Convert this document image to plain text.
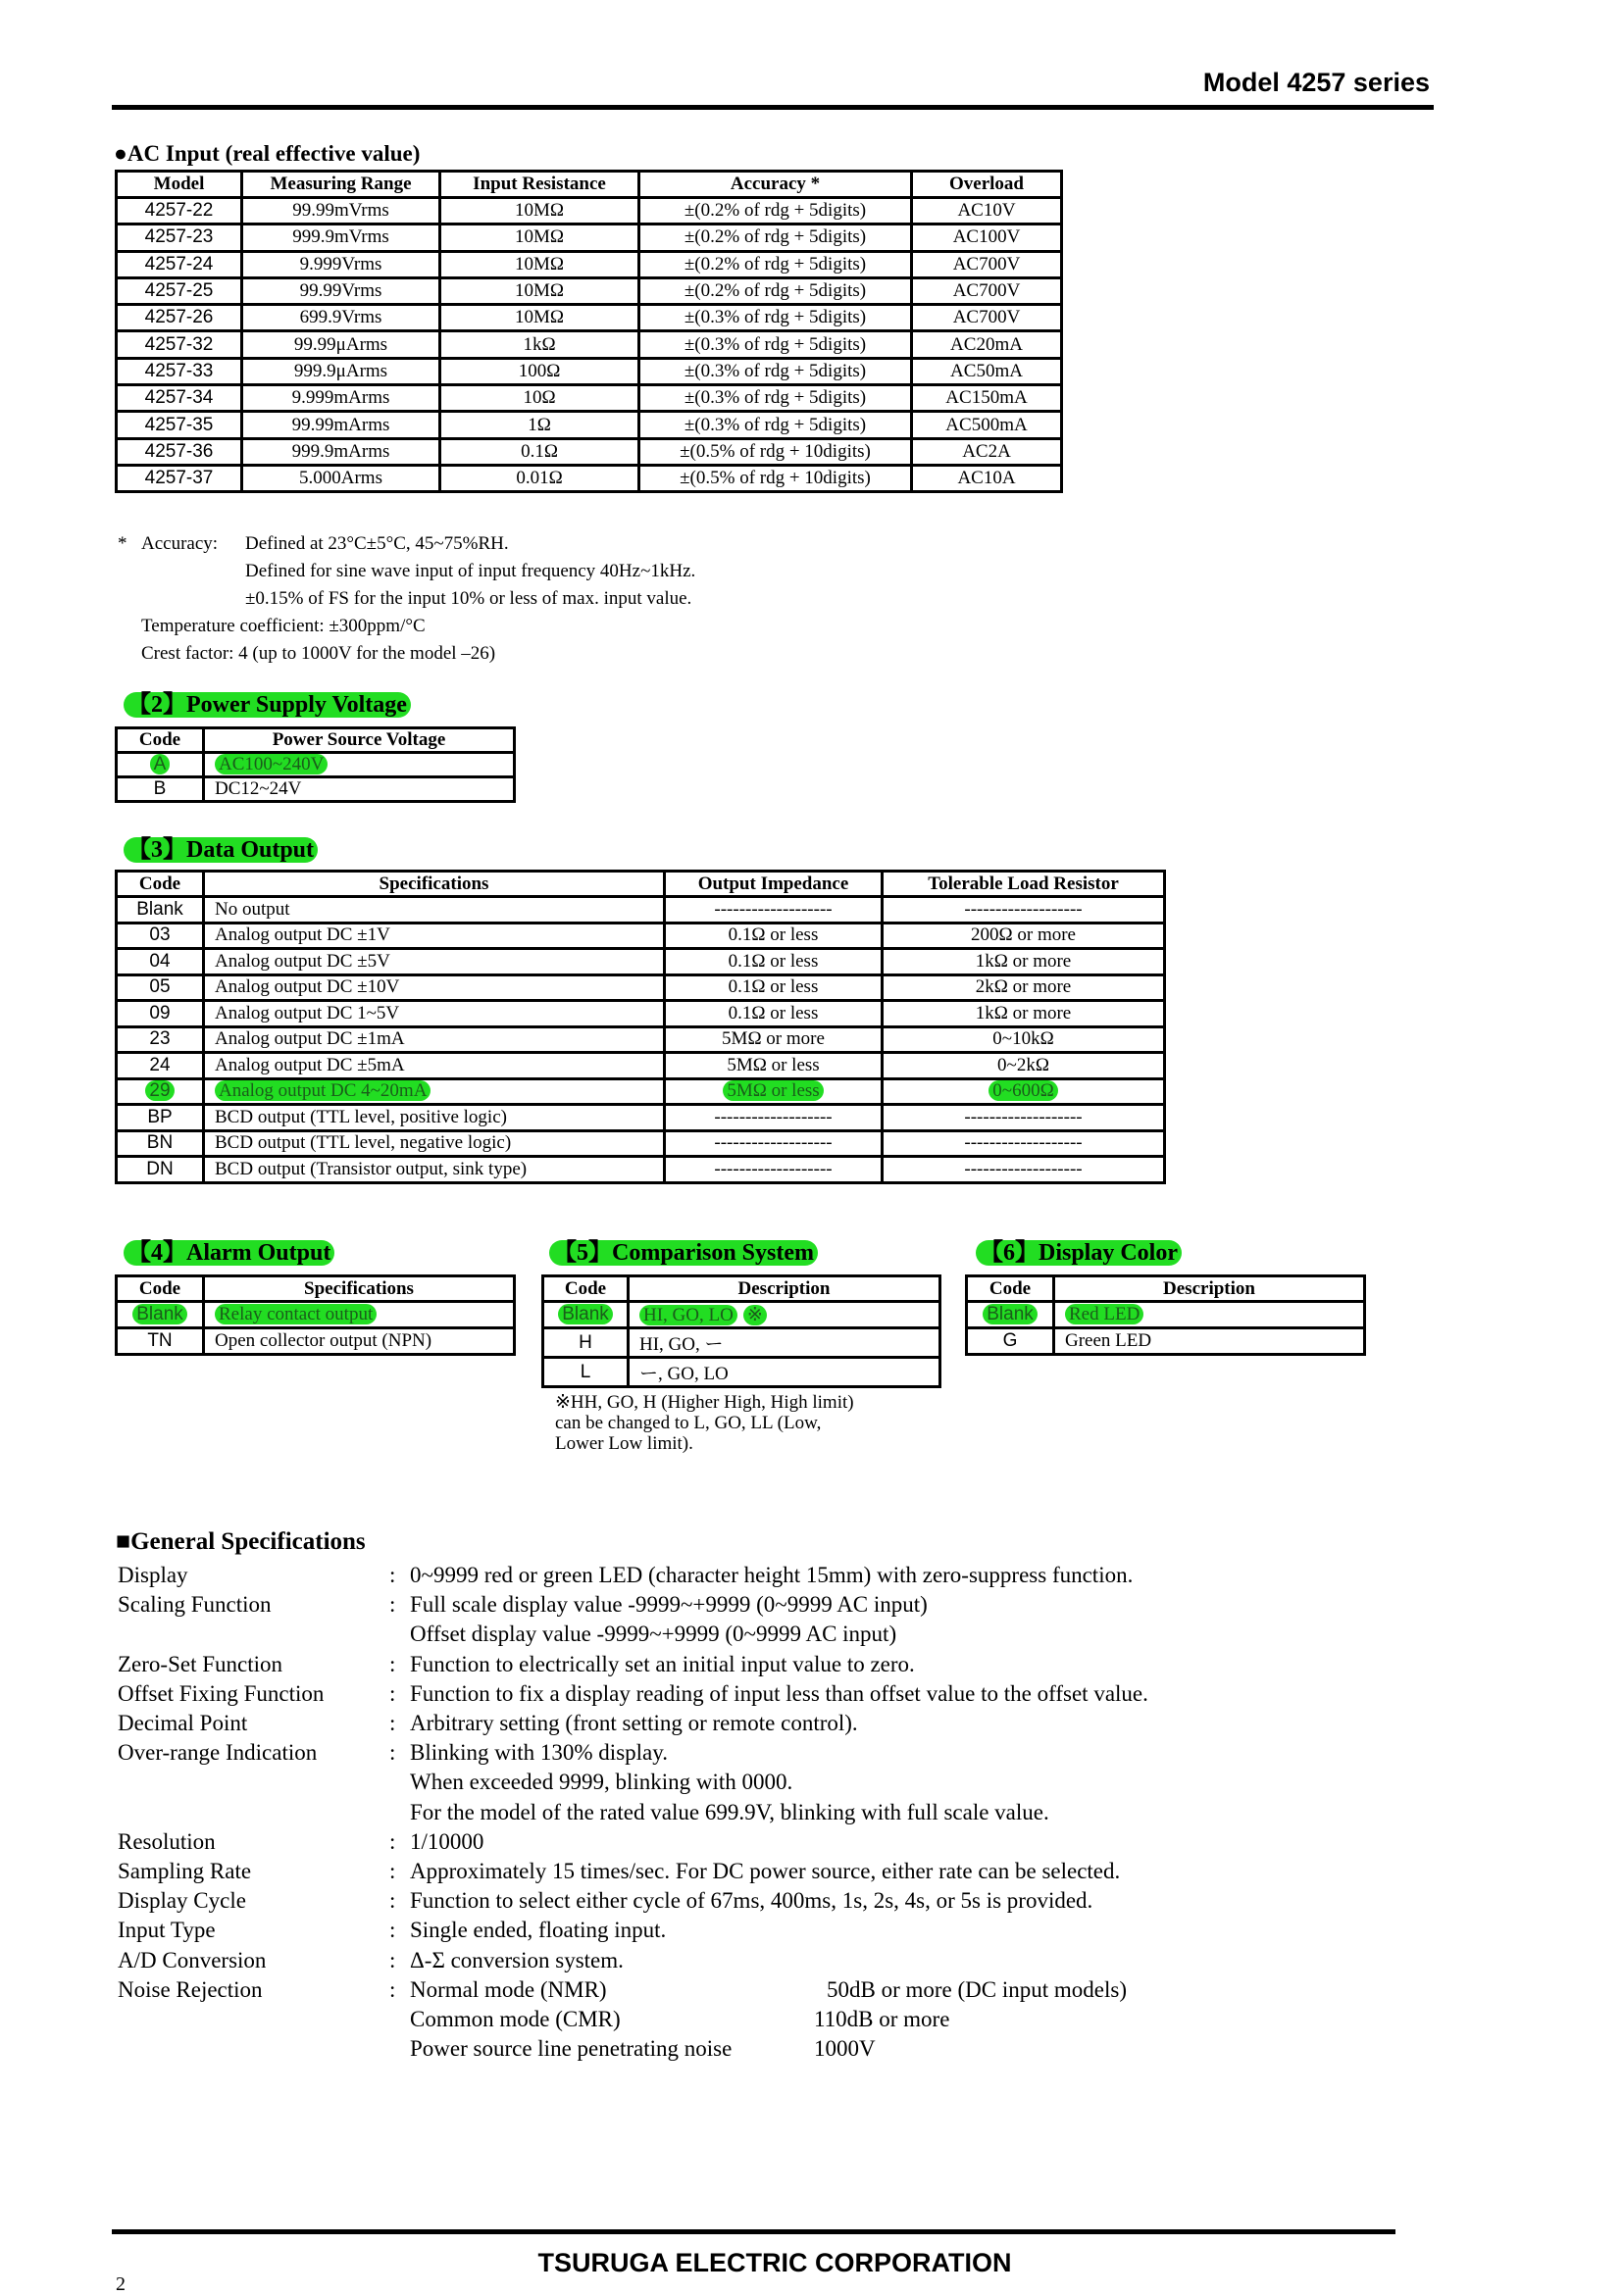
Model 4257 series
●AC Input (real effective value)
Model	Measuring Range	Input Resistance	Accuracy *	Overload
4257-22	99.99mVrms	10MΩ	±(0.2% of rdg + 5digits)	AC10V
4257-23	999.9mVrms	10MΩ	±(0.2% of rdg + 5digits)	AC100V
4257-24	9.999Vrms	10MΩ	±(0.2% of rdg + 5digits)	AC700V
4257-25	99.99Vrms	10MΩ	±(0.2% of rdg + 5digits)	AC700V
4257-26	699.9Vrms	10MΩ	±(0.3% of rdg + 5digits)	AC700V
4257-32	99.99μArms	1kΩ	±(0.3% of rdg + 5digits)	AC20mA
4257-33	999.9μArms	100Ω	±(0.3% of rdg + 5digits)	AC50mA
4257-34	9.999mArms	10Ω	±(0.3% of rdg + 5digits)	AC150mA
4257-35	99.99mArms	1Ω	±(0.3% of rdg + 5digits)	AC500mA
4257-36	999.9mArms	0.1Ω	±(0.5% of rdg + 10digits)	AC2A
4257-37	5.000Arms	0.01Ω	±(0.5% of rdg + 10digits)	AC10A
* Accuracy: Defined at 23°C±5°C, 45~75%RH.
Defined for sine wave input of input frequency 40Hz~1kHz.
±0.15% of FS for the input 10% or less of max. input value.
Temperature coefficient: ±300ppm/°C
Crest factor: 4 (up to 1000V for the model –26)
【2】Power Supply Voltage
Code	Power Source Voltage
A	AC100~240V
B	DC12~24V
【3】Data Output
Code	Specifications	Output Impedance	Tolerable Load Resistor
Blank	No output	-------------------	-------------------
03	Analog output DC ±1V	0.1Ω or less	200Ω or more
04	Analog output DC ±5V	0.1Ω or less	1kΩ or more
05	Analog output DC ±10V	0.1Ω or less	2kΩ or more
09	Analog output DC 1~5V	0.1Ω or less	1kΩ or more
23	Analog output DC ±1mA	5MΩ or more	0~10kΩ
24	Analog output DC ±5mA	5MΩ or less	0~2kΩ
29	Analog output DC 4~20mA	5MΩ or less	0~600Ω
BP	BCD output (TTL level, positive logic)	-------------------	-------------------
BN	BCD output (TTL level, negative logic)	-------------------	-------------------
DN	BCD output (Transistor output, sink type)	-------------------	-------------------
【4】Alarm Output
Code	Specifications
Blank	Relay contact output
TN	Open collector output (NPN)
【5】Comparison System
Code	Description
Blank	HI, GO, LO ※
H	HI, GO, ー
L	ー, GO, LO
※HH, GO, H (Higher High, High limit)
can be changed to L, GO, LL (Low,
Lower Low limit).
【6】Display Color
Code	Description
Blank	Red LED
G	Green LED
■General Specifications
Display	: 0~9999 red or green LED (character height 15mm) with zero-suppress function.
Scaling Function	: Full scale display value -9999~+9999 (0~9999 AC input)
Offset display value -9999~+9999 (0~9999 AC input)
Zero-Set Function	: Function to electrically set an initial input value to zero.
Offset Fixing Function	: Function to fix a display reading of input less than offset value to the offset value.
Decimal Point	: Arbitrary setting (front setting or remote control).
Over-range Indication	: Blinking with 130% display.
When exceeded 9999, blinking with 0000.
For the model of the rated value 699.9V, blinking with full scale value.
Resolution	: 1/10000
Sampling Rate	: Approximately 15 times/sec. For DC power source, either rate can be selected.
Display Cycle	: Function to select either cycle of 67ms, 400ms, 1s, 2s, 4s, or 5s is provided.
Input Type	: Single ended, floating input.
A/D Conversion	: Δ-Σ conversion system.
Noise Rejection	: Normal mode (NMR)	50dB or more (DC input models)
Common mode (CMR)	110dB or more
Power source line penetrating noise	1000V
TSURUGA ELECTRIC CORPORATION
2
